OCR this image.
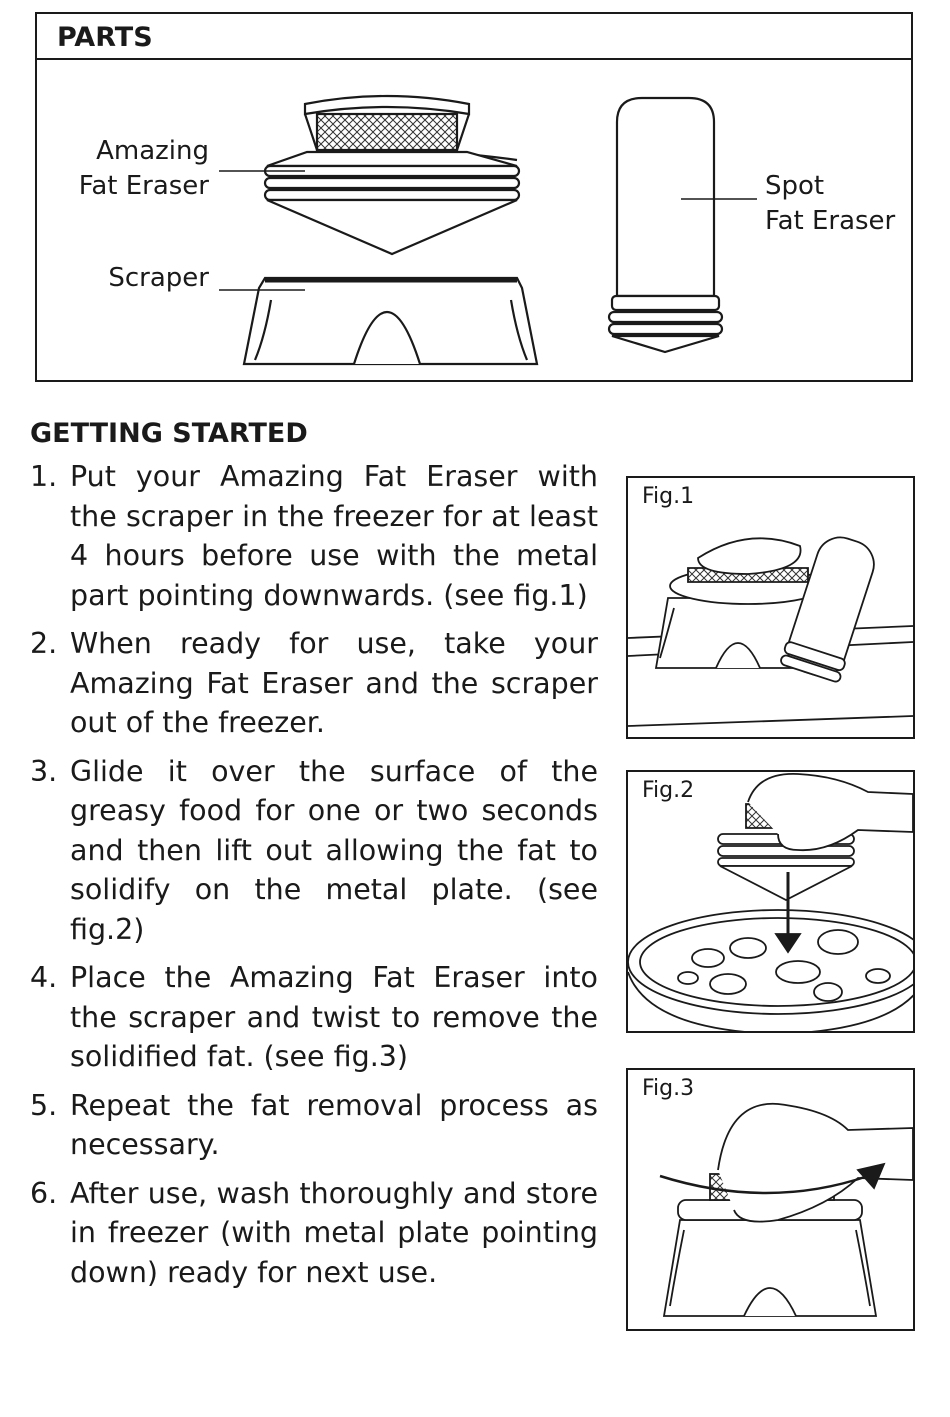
PARTS
Amazing
Fat Eraser
Scraper
Spot
Fat Eraser
GETTING STARTED
1. Put your Amazing Fat Eraser with the scraper in the freezer for at least 4 hours before use with the metal part pointing downwards. (see fig.1)
2. When ready for use, take your Amazing Fat Eraser and the scraper out of the freezer.
3. Glide it over the surface of the greasy food for one or two seconds and then lift out allowing the fat to solidify on the metal plate. (see fig.2)
4. Place the Amazing Fat Eraser into the scraper and twist to remove the solidified fat. (see fig.3)
5. Repeat the fat removal process as necessary.
6. After use, wash thoroughly and store in freezer (with metal plate pointing down) ready for next use.
Fig.1
Fig.2
Fig.3
